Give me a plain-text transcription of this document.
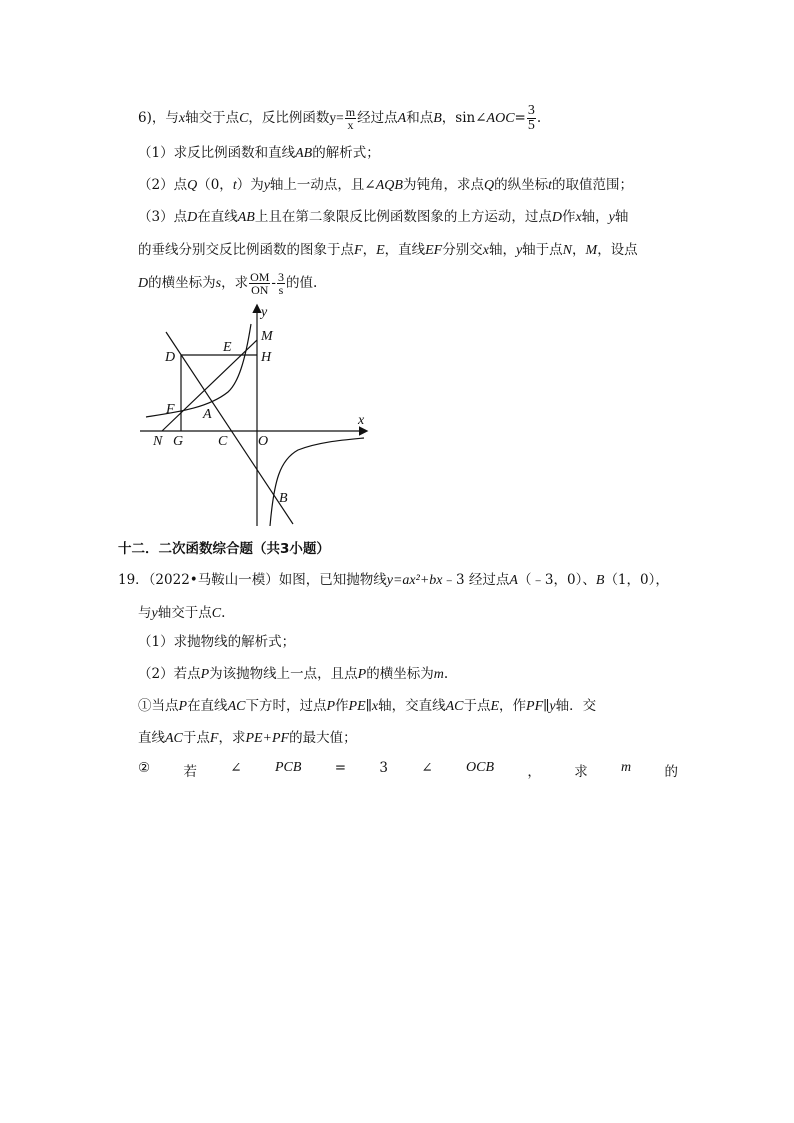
6)，与x轴交于点C，反比例函数$y= \frac{m}{x}$ 经过点A和点B，sin∠AOC= $\frac{3}{5}$ .
（1）求反比例函数和直线AB的解析式；
（2）点Q（0，t）为y轴上一动点，且∠AQB为钝角，求点Q的纵坐标t的取值范围；
（3）点D在直线AB上且在第二象限反比例函数图象的上方运动，过点D作x轴，y轴
的垂线分别交反比例函数的图象于点F，E，直线EF分别交x轴，y轴于点N，M，设点
D的横坐标为s，求 $\frac{OM}{ON} - \frac{3}{s}$ 的值.
y
M
D
E
H
F A	x
N G C O
B
十二．二次函数综合题（共3小题）
19．（2022•马鞍山一模）如图，已知抛物线y=ax²+bx﹣3 经过点A（﹣3，0）、B（1，0），
与y轴交于点C.
（1）求抛物线的解析式；
（2）若点P为该抛物线上一点，且点P的横坐标为m.
①当点P在直线AC下方时，过点P作PE∥x轴，交直线AC于点E，作PF∥y轴．交
直线AC于点F，求PE+PF的最大值；
② 若 ∠ PCB = 3 ∠ OCB ， 求 m 的
